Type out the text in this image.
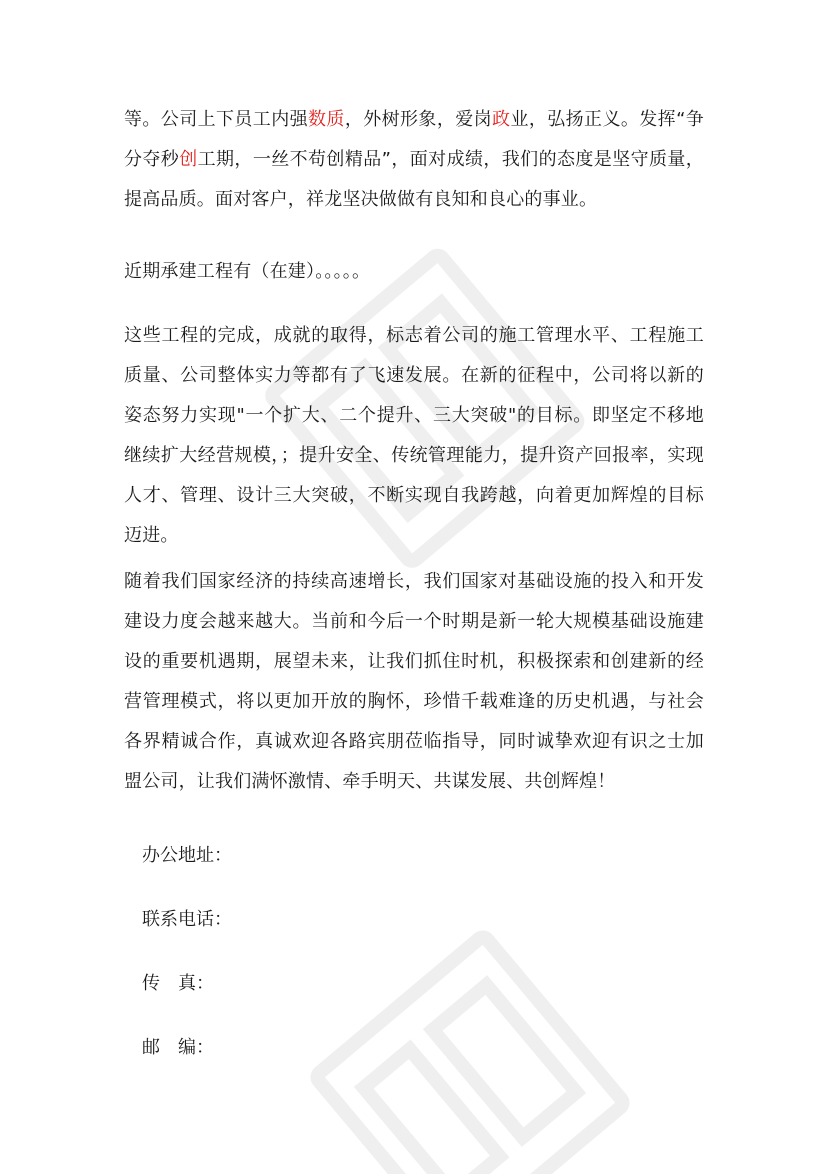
等。公司上下员工内强数质，外树形象，爱岗政业，弘扬正义。发挥“争分夺秒创工期，一丝不苟创精品”，面对成绩，我们的态度是坚守质量，提高品质。面对客户，祥龙坚决做做有良知和良心的事业。

近期承建工程有（在建）。。。。。

这些工程的完成，成就的取得，标志着公司的施工管理水平、工程施工质量、公司整体实力等都有了飞速发展。在新的征程中，公司将以新的姿态努力实现"一个扩大、二个提升、三大突破"的目标。即坚定不移地继续扩大经营规模，；提升安全、传统管理能力，提升资产回报率，实现人才、管理、设计三大突破，不断实现自我跨越，向着更加辉煌的目标迈进。

随着我们国家经济的持续高速增长，我们国家对基础设施的投入和开发建设力度会越来越大。当前和今后一个时期是新一轮大规模基础设施建设的重要机遇期，展望未来，让我们抓住时机，积极探索和创建新的经营管理模式，将以更加开放的胸怀，珍惜千载难逢的历史机遇，与社会各界精诚合作，真诚欢迎各路宾朋莅临指导，同时诚挚欢迎有识之士加盟公司，让我们满怀激情、牵手明天、共谋发展、共创辉煌！

办公地址：

联系电话：

传　真：

邮　编：
